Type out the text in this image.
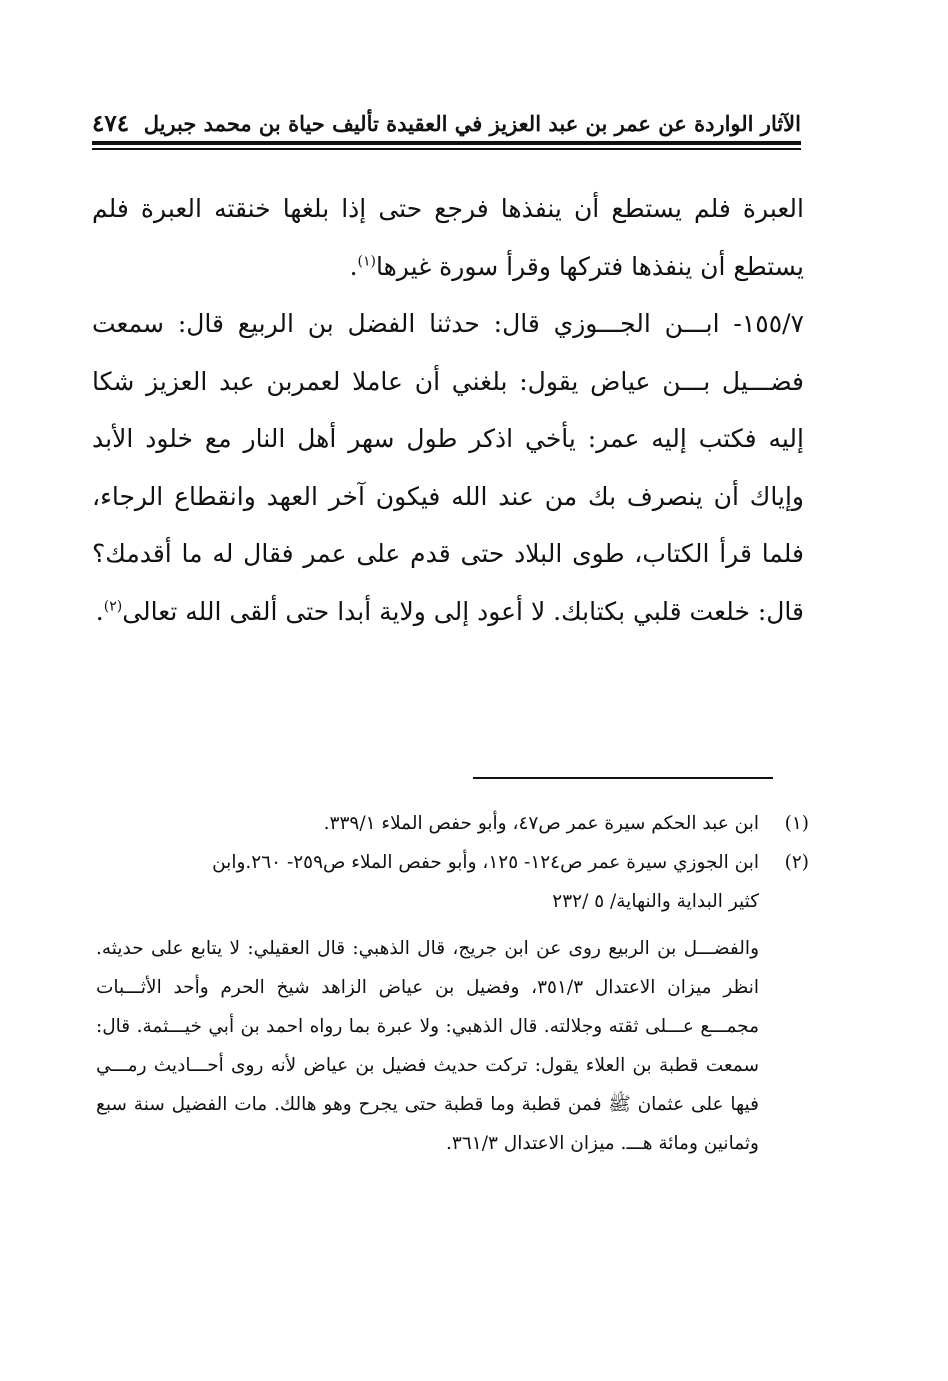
٤٧٤ الآثار الواردة عن عمر بن عبد العزيز في العقيدة تأليف حياة بن محمد جبريل

العبرة فلم يستطع أن ينفذها فرجع حتى إذا بلغها خنقته العبرة فلم يستطع أن ينفذها فتركها وقرأ سورة غيرها$^{(١)}$.

١٥٥/٧- ابـــن الجـــوزي قال: حدثنا الفضل بن الربيع قال: سمعت فضـــيل بـــن عياض يقول: بلغني أن عاملا لعمربن عبد العزيز شكا إليه فكتب إليه عمر: يأخي اذكر طول سهر أهل النار مع خلود الأبد وإياك أن ينصرف بك من عند الله فيكون آخر العهد وانقطاع الرجاء، فلما قرأ الكتاب، طوى البلاد حتى قدم على عمر فقال له ما أقدمك؟ قال: خلعت قلبي بكتابك. لا أعود إلى ولاية أبدا حتى ألقى الله تعالى$^{(٢)}$.

(١)
ابن عبد الحكم سيرة عمر ص٤٧، وأبو حفص الملاء ٣٣٩/١.
(٢)
ابن الجوزي سيرة عمر ص١٢٤- ١٢٥، وأبو حفص الملاء ص٢٥٩- ٢٦٠.وابن
كثير البداية والنهاية/ ٥ /٢٣٢
والفضـــل بن الربيع روى عن ابن جريج، قال الذهبي: قال العقيلي: لا يتابع على حديثه. انظر ميزان الاعتدال ٣٥١/٣، وفضيل بن عياض الزاهد شيخ الحرم وأحد الأثـــبات مجمـــع عـــلى ثقته وجلالته. قال الذهبي: ولا عبرة بما رواه احمد بن أبي خيـــثمة. قال: سمعت قطبة بن العلاء يقول: تركت حديث فضيل بن عياض لأنه روى أحـــاديث رمـــي فيها على عثمان ﷺ فمن قطبة وما قطبة حتى يجرح وهو هالك. مات الفضيل سنة سبع وثمانين ومائة هـــ. ميزان الاعتدال ٣٦١/٣.
